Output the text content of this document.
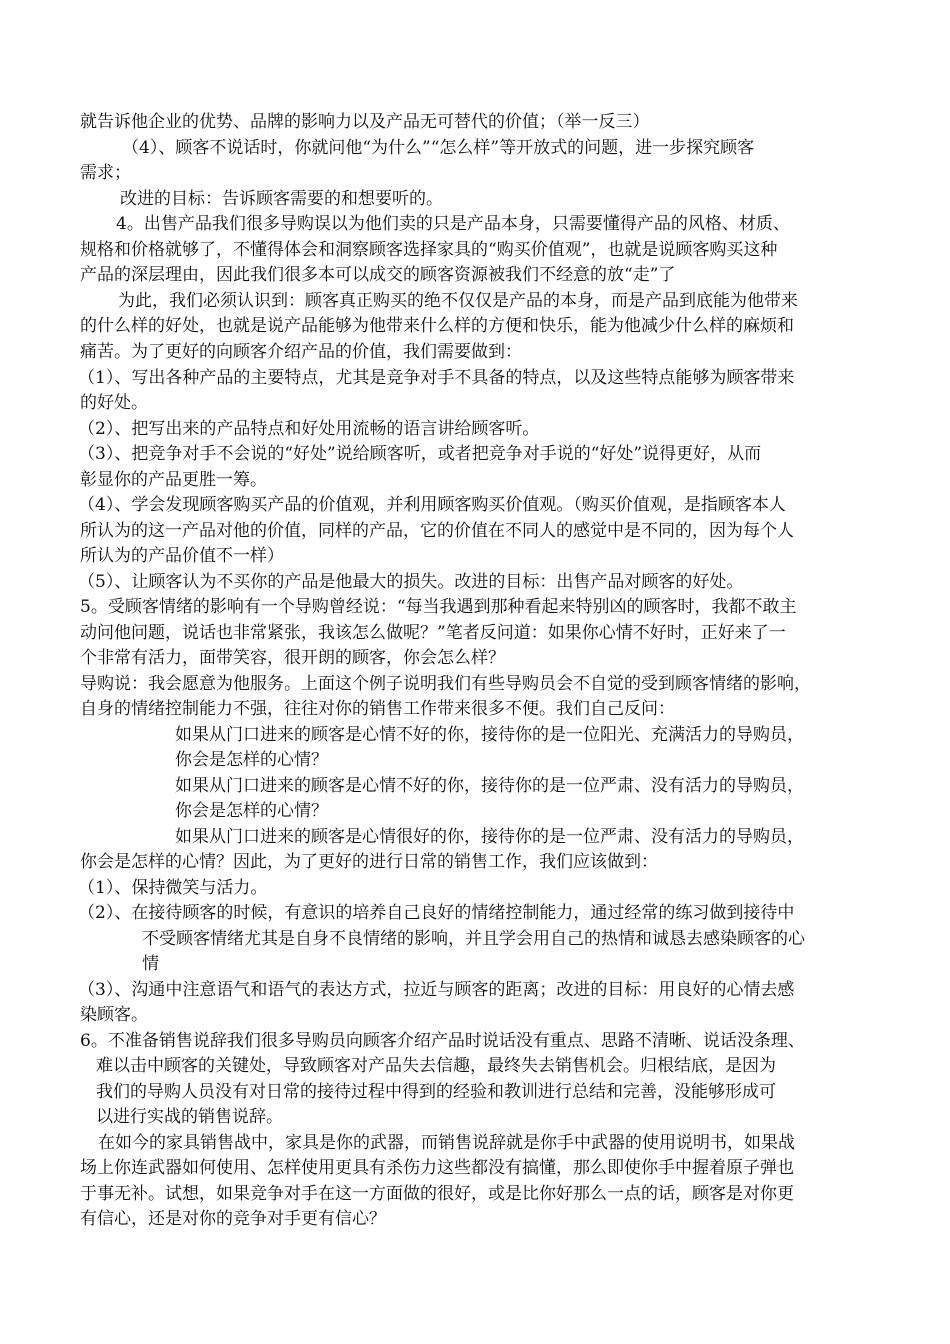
就告诉他企业的优势、品牌的影响力以及产品无可替代的价值；（举一反三）
（4）、顾客不说话时，你就问他“为什么”“怎么样”等开放式的问题，进一步探究顾客
需求；
改进的目标：告诉顾客需要的和想要听的。
4。出售产品我们很多导购误以为他们卖的只是产品本身，只需要懂得产品的风格、材质、
规格和价格就够了，不懂得体会和洞察顾客选择家具的“购买价值观”，也就是说顾客购买这种
产品的深层理由，因此我们很多本可以成交的顾客资源被我们不经意的放“走”了
为此，我们必须认识到：顾客真正购买的绝不仅仅是产品的本身，而是产品到底能为他带来
的什么样的好处，也就是说产品能够为他带来什么样的方便和快乐，能为他减少什么样的麻烦和
痛苦。为了更好的向顾客介绍产品的价值，我们需要做到：
（1）、写出各种产品的主要特点，尤其是竞争对手不具备的特点，以及这些特点能够为顾客带来
的好处。
（2）、把写出来的产品特点和好处用流畅的语言讲给顾客听。
（3）、把竞争对手不会说的“好处”说给顾客听，或者把竞争对手说的“好处”说得更好，从而
彰显你的产品更胜一筹。
（4）、学会发现顾客购买产品的价值观，并利用顾客购买价值观。（购买价值观，是指顾客本人
所认为的这一产品对他的价值，同样的产品，它的价值在不同人的感觉中是不同的，因为每个人
所认为的产品价值不一样）
（5）、让顾客认为不买你的产品是他最大的损失。改进的目标：出售产品对顾客的好处。
5。受顾客情绪的影响有一个导购曾经说：“每当我遇到那种看起来特别凶的顾客时，我都不敢主
动问他问题，说话也非常紧张，我该怎么做呢？”笔者反问道：如果你心情不好时，正好来了一
个非常有活力，面带笑容，很开朗的顾客，你会怎么样？
导购说：我会愿意为他服务。上面这个例子说明我们有些导购员会不自觉的受到顾客情绪的影响，
自身的情绪控制能力不强，往往对你的销售工作带来很多不便。我们自己反问：
如果从门口进来的顾客是心情不好的你，接待你的是一位阳光、充满活力的导购员，
你会是怎样的心情？
如果从门口进来的顾客是心情不好的你，接待你的是一位严肃、没有活力的导购员，
你会是怎样的心情？
如果从门口进来的顾客是心情很好的你，接待你的是一位严肃、没有活力的导购员，
你会是怎样的心情？因此，为了更好的进行日常的销售工作，我们应该做到：
（1）、保持微笑与活力。
（2）、在接待顾客的时候，有意识的培养自己良好的情绪控制能力，通过经常的练习做到接待中
不受顾客情绪尤其是自身不良情绪的影响，并且学会用自己的热情和诚恳去感染顾客的心
情
（3）、沟通中注意语气和语气的表达方式，拉近与顾客的距离；改进的目标：用良好的心情去感
染顾客。
6。不准备销售说辞我们很多导购员向顾客介绍产品时说话没有重点、思路不清晰、说话没条理、
难以击中顾客的关键处，导致顾客对产品失去信趣，最终失去销售机会。归根结底，是因为
我们的导购人员没有对日常的接待过程中得到的经验和教训进行总结和完善，没能够形成可
以进行实战的销售说辞。
在如今的家具销售战中，家具是你的武器，而销售说辞就是你手中武器的使用说明书，如果战
场上你连武器如何使用、怎样使用更具有杀伤力这些都没有搞懂，那么即使你手中握着原子弹也
于事无补。试想，如果竞争对手在这一方面做的很好，或是比你好那么一点的话，顾客是对你更
有信心，还是对你的竞争对手更有信心？
